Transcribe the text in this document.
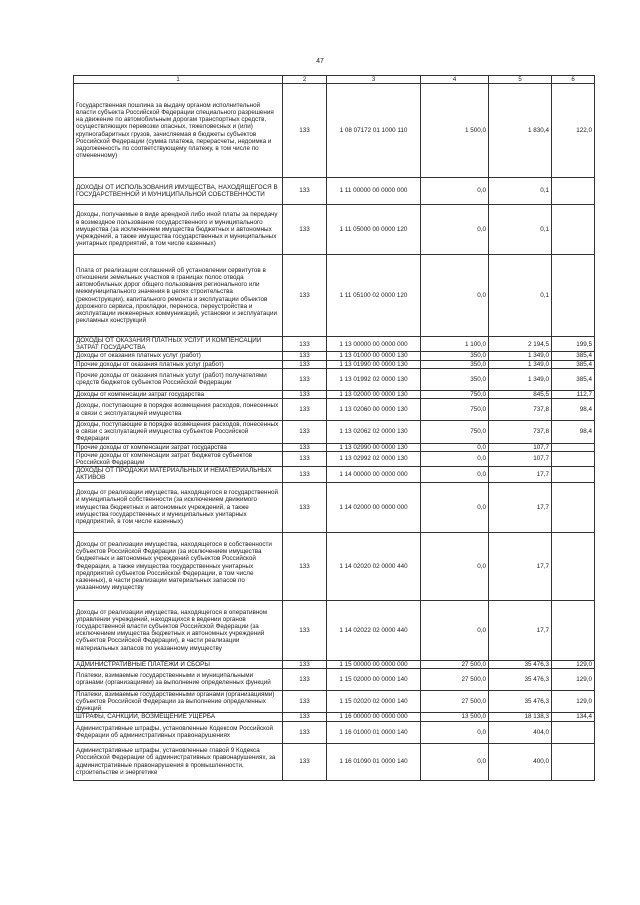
47
1	2	3	4	5	6
Государственная пошлина за выдачу органом исполнительной власти субъекта Российской Федерации специального разрешения на движение по автомобильным дорогам транспортных средств, осуществляющих перевозки опасных, тяжеловесных и (или) крупногабаритных грузов, зачисляемая в бюджеты субъектов Российской Федерации (сумма платежа, перерасчеты, недоимка и задолженность по соответствующему платежу, в том числе по отмененному)	133	1 08 07172 01 1000 110	1 500,0	1 830,4	122,0
ДОХОДЫ ОТ ИСПОЛЬЗОВАНИЯ ИМУЩЕСТВА, НАХОДЯЩЕГОСЯ В ГОСУДАРСТВЕННОЙ И МУНИЦИПАЛЬНОЙ СОБСТВЕННОСТИ	133	1 11 00000 00 0000 000	0,0	0,1	
Доходы, получаемые в виде арендной либо иной платы за передачу в возмездное пользование государственного и муниципального имущества (за исключением имущества бюджетных и автономных учреждений, а также имущества государственных и муниципальных унитарных предприятий, в том числе казенных)	133	1 11 05000 00 0000 120	0,0	0,1	
Плата от реализации соглашений об установлении сервитутов в отношении земельных участков в границах полос отвода автомобильных дорог общего пользования регионального или межмуниципального значения в целях строительства (реконструкции), капитального ремонта и эксплуатации объектов дорожного сервиса, прокладки, переноса, переустройства и эксплуатации инженерных коммуникаций, установки и эксплуатации рекламных конструкций	133	1 11 05100 02 0000 120	0,0	0,1	
ДОХОДЫ ОТ ОКАЗАНИЯ ПЛАТНЫХ УСЛУГ И КОМПЕНСАЦИИ ЗАТРАТ ГОСУДАРСТВА	133	1 13 00000 00 0000 000	1 100,0	2 194,5	199,5
Доходы от оказания платных услуг (работ)	133	1 13 01000 00 0000 130	350,0	1 349,0	385,4
Прочие доходы от оказания платных услуг (работ)	133	1 13 01990 00 0000 130	350,0	1 349,0	385,4
Прочие доходы от оказания платных услуг (работ) получателями средств бюджетов субъектов Российской Федерации	133	1 13 01992 02 0000 130	350,0	1 349,0	385,4
Доходы от компенсации затрат государства	133	1 13 02000 00 0000 130	750,0	845,5	112,7
Доходы, поступающие в порядке возмещения расходов, понесенных в связи с эксплуатацией имущества	133	1 13 02060 00 0000 130	750,0	737,8	98,4
Доходы, поступающие в порядке возмещения расходов, понесенных в связи с эксплуатацией имущества субъектов Российской Федерации	133	1 13 02062 02 0000 130	750,0	737,8	98,4
Прочие доходы от компенсации затрат государства	133	1 13 02990 00 0000 130	0,0	107,7	
Прочие доходы от компенсации затрат бюджетов субъектов Российской Федерации	133	1 13 02992 02 0000 130	0,0	107,7	
ДОХОДЫ ОТ ПРОДАЖИ МАТЕРИАЛЬНЫХ И НЕМАТЕРИАЛЬНЫХ АКТИВОВ	133	1 14 00000 00 0000 000	0,0	17,7	
Доходы от реализации имущества, находящегося в государственной и муниципальной собственности (за исключением движимого имущества бюджетных и автономных учреждений, а также имущества государственных и муниципальных унитарных предприятий, в том числе казенных)	133	1 14 02000 00 0000 000	0,0	17,7	
Доходы от реализации имущества, находящегося в собственности субъектов Российской Федерации (за исключением имущества бюджетных и автономных учреждений субъектов Российской Федерации, а также имущества государственных унитарных предприятий субъектов Российской Федерации, в том числе казенных), в части реализации материальных запасов по указанному имуществу	133	1 14 02020 02 0000 440	0,0	17,7	
Доходы от реализации имущества, находящегося в оперативном управлении учреждений, находящихся в ведении органов государственной власти субъектов Российской Федерации (за исключением имущества бюджетных и автономных учреждений субъектов Российской Федерации), в части реализации материальных запасов по указанному имуществу	133	1 14 02022 02 0000 440	0,0	17,7	
АДМИНИСТРАТИВНЫЕ ПЛАТЕЖИ И СБОРЫ	133	1 15 00000 00 0000 000	27 500,0	35 476,3	129,0
Платежи, взимаемые государственными и муниципальными органами (организациями) за выполнение определенных функций	133	1 15 02000 00 0000 140	27 500,0	35 476,3	129,0
Платежи, взимаемые государственными органами (организациями) субъектов Российской Федерации за выполнение определенных функций	133	1 15 02020 02 0000 140	27 500,0	35 476,3	129,0
ШТРАФЫ, САНКЦИИ, ВОЗМЕЩЕНИЕ УЩЕРБА	133	1 16 00000 00 0000 000	13 500,0	18 138,3	134,4
Административные штрафы, установленные Кодексом Российской Федерации об административных правонарушениях	133	1 16 01000 01 0000 140	0,0	404,0	
Административные штрафы, установленные главой 9 Кодекса Российской Федерации об административных правонарушениях, за административные правонарушения в промышленности, строительстве и энергетике	133	1 16 01090 01 0000 140	0,0	400,0	
